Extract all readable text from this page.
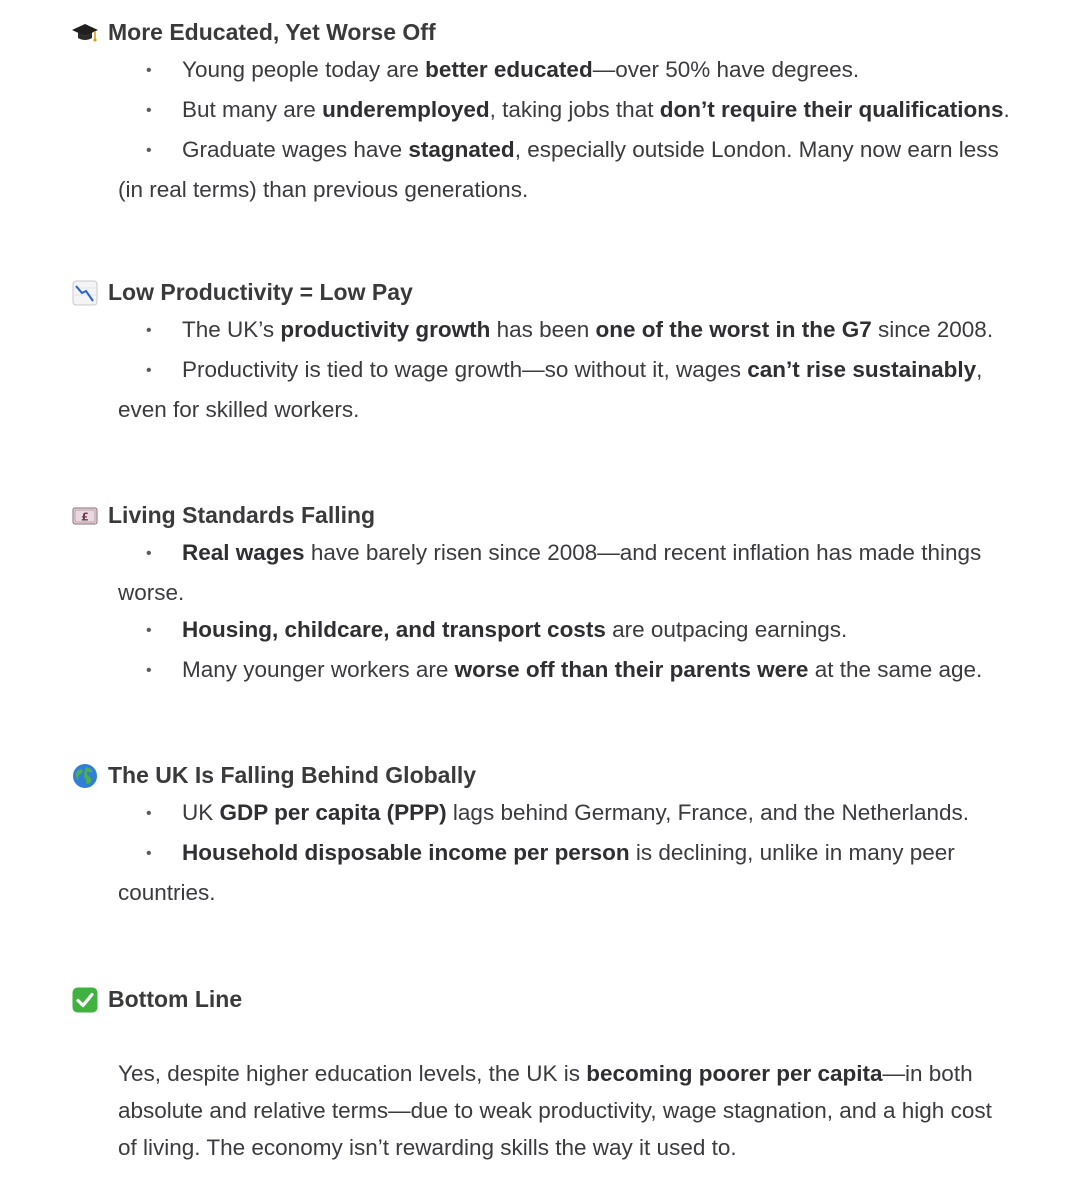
More Educated, Yet Worse Off
• Young people today are better educated—over 50% have degrees.
• But many are underemployed, taking jobs that don’t require their qualifications.
• Graduate wages have stagnated, especially outside London. Many now earn less (in real terms) than previous generations.
Low Productivity = Low Pay
• The UK’s productivity growth has been one of the worst in the G7 since 2008.
• Productivity is tied to wage growth—so without it, wages can’t rise sustainably, even for skilled workers.
£ Living Standards Falling
• Real wages have barely risen since 2008—and recent inflation has made things worse.
• Housing, childcare, and transport costs are outpacing earnings.
• Many younger workers are worse off than their parents were at the same age.
The UK Is Falling Behind Globally
• UK GDP per capita (PPP) lags behind Germany, France, and the Netherlands.
• Household disposable income per person is declining, unlike in many peer countries.
Bottom Line
Yes, despite higher education levels, the UK is becoming poorer per capita—in both absolute and relative terms—due to weak productivity, wage stagnation, and a high cost of living. The economy isn’t rewarding skills the way it used to.
